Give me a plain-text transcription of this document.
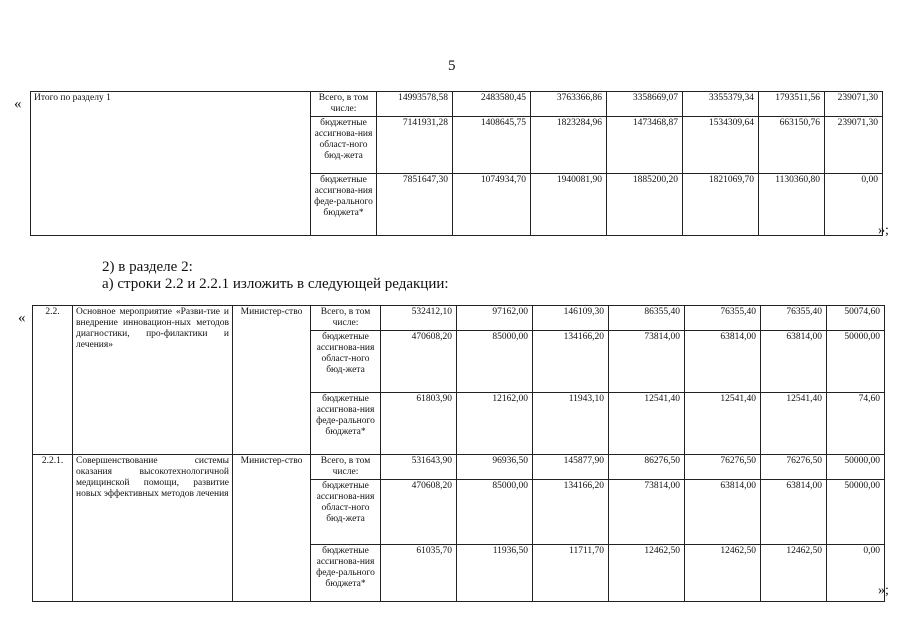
5
« Итого по разделу 1	Всего, в том числе:	14993578,58	2483580,45	3763366,86	3358669,07	3355379,34	1793511,56	239071,30
	бюджетные ассигнова-ния област-ного бюд-жета	7141931,28	1408645,75	1823284,96	1473468,87	1534309,64	663150,76	239071,30
	бюджетные ассигнова-ния феде-рального бюджета*	7851647,30	1074934,70	1940081,90	1885200,20	1821069,70	1130360,80	0,00
»;
2) в разделе 2:
а) строки 2.2 и 2.2.1 изложить в следующей редакции:
« 2.2.	Основное мероприятие «Разви-тие и внедрение инновацион-ных методов диагностики, про-филактики и лечения»	Министер-ство	Всего, в том числе:	532412,10	97162,00	146109,30	86355,40	76355,40	76355,40	50074,60
			бюджетные ассигнова-ния област-ного бюд-жета	470608,20	85000,00	134166,20	73814,00	63814,00	63814,00	50000,00
			бюджетные ассигнова-ния феде-рального бюджета*	61803,90	12162,00	11943,10	12541,40	12541,40	12541,40	74,60
2.2.1.	Совершенствование системы оказания высокотехнологичной медицинской помощи, развитие новых эффективных методов лечения	Министер-ство	Всего, в том числе:	531643,90	96936,50	145877,90	86276,50	76276,50	76276,50	50000,00
			бюджетные ассигнова-ния област-ного бюд-жета	470608,20	85000,00	134166,20	73814,00	63814,00	63814,00	50000,00
			бюджетные ассигнова-ния феде-рального бюджета*	61035,70	11936,50	11711,70	12462,50	12462,50	12462,50	0,00
»;
